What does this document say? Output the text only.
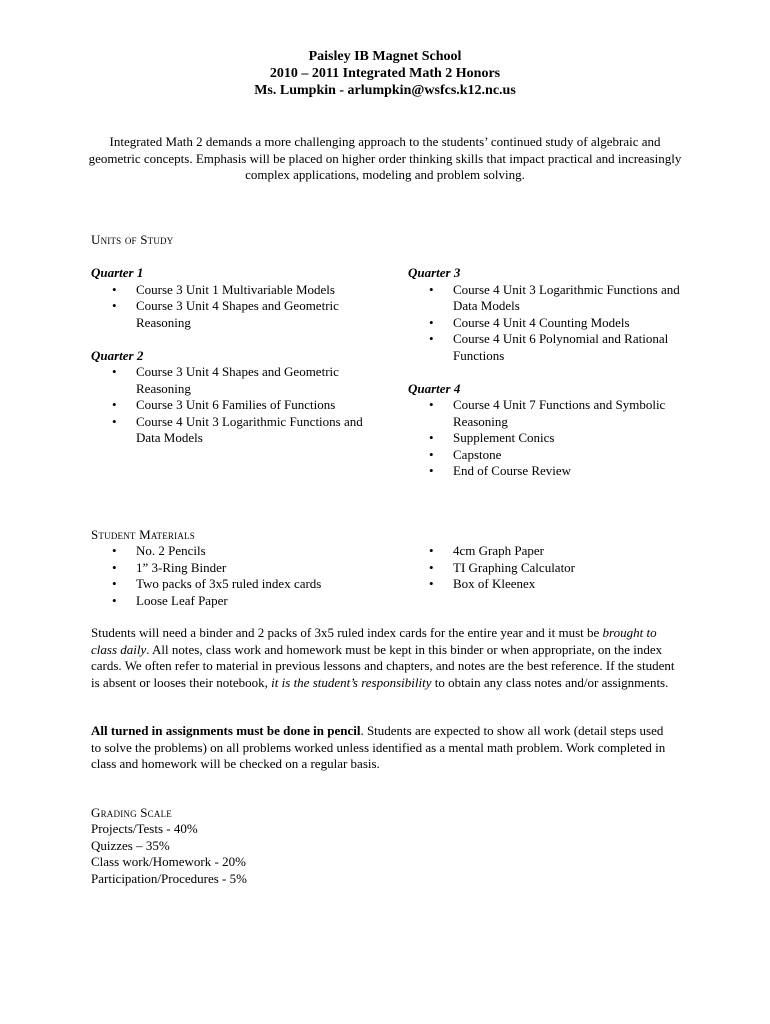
Paisley IB Magnet School
2010 – 2011 Integrated Math 2 Honors
Ms. Lumpkin - arlumpkin@wsfcs.k12.nc.us
Integrated Math 2 demands a more challenging approach to the students’ continued study of algebraic and geometric concepts. Emphasis will be placed on higher order thinking skills that impact practical and increasingly complex applications, modeling and problem solving.
Units of Study
Quarter 1
• Course 3 Unit 1 Multivariable Models
• Course 3 Unit 4 Shapes and Geometric Reasoning
Quarter 2
• Course 3 Unit 4 Shapes and Geometric Reasoning
• Course 3 Unit 6 Families of Functions
• Course 4 Unit 3 Logarithmic Functions and Data Models
Quarter 3
• Course 4 Unit 3 Logarithmic Functions and Data Models
• Course 4 Unit 4 Counting Models
• Course 4 Unit 6 Polynomial and Rational Functions
Quarter 4
• Course 4 Unit 7 Functions and Symbolic Reasoning
• Supplement Conics
• Capstone
• End of Course Review
Student Materials
• No. 2 Pencils
• 1” 3-Ring Binder
• Two packs of 3x5 ruled index cards
• Loose Leaf Paper
• 4cm Graph Paper
• TI Graphing Calculator
• Box of Kleenex
Students will need a binder and 2 packs of 3x5 ruled index cards for the entire year and it must be brought to class daily. All notes, class work and homework must be kept in this binder or when appropriate, on the index cards. We often refer to material in previous lessons and chapters, and notes are the best reference. If the student is absent or looses their notebook, it is the student’s responsibility to obtain any class notes and/or assignments.
All turned in assignments must be done in pencil. Students are expected to show all work (detail steps used to solve the problems) on all problems worked unless identified as a mental math problem. Work completed in class and homework will be checked on a regular basis.
Grading Scale
Projects/Tests - 40%
Quizzes – 35%
Class work/Homework - 20%
Participation/Procedures - 5%
